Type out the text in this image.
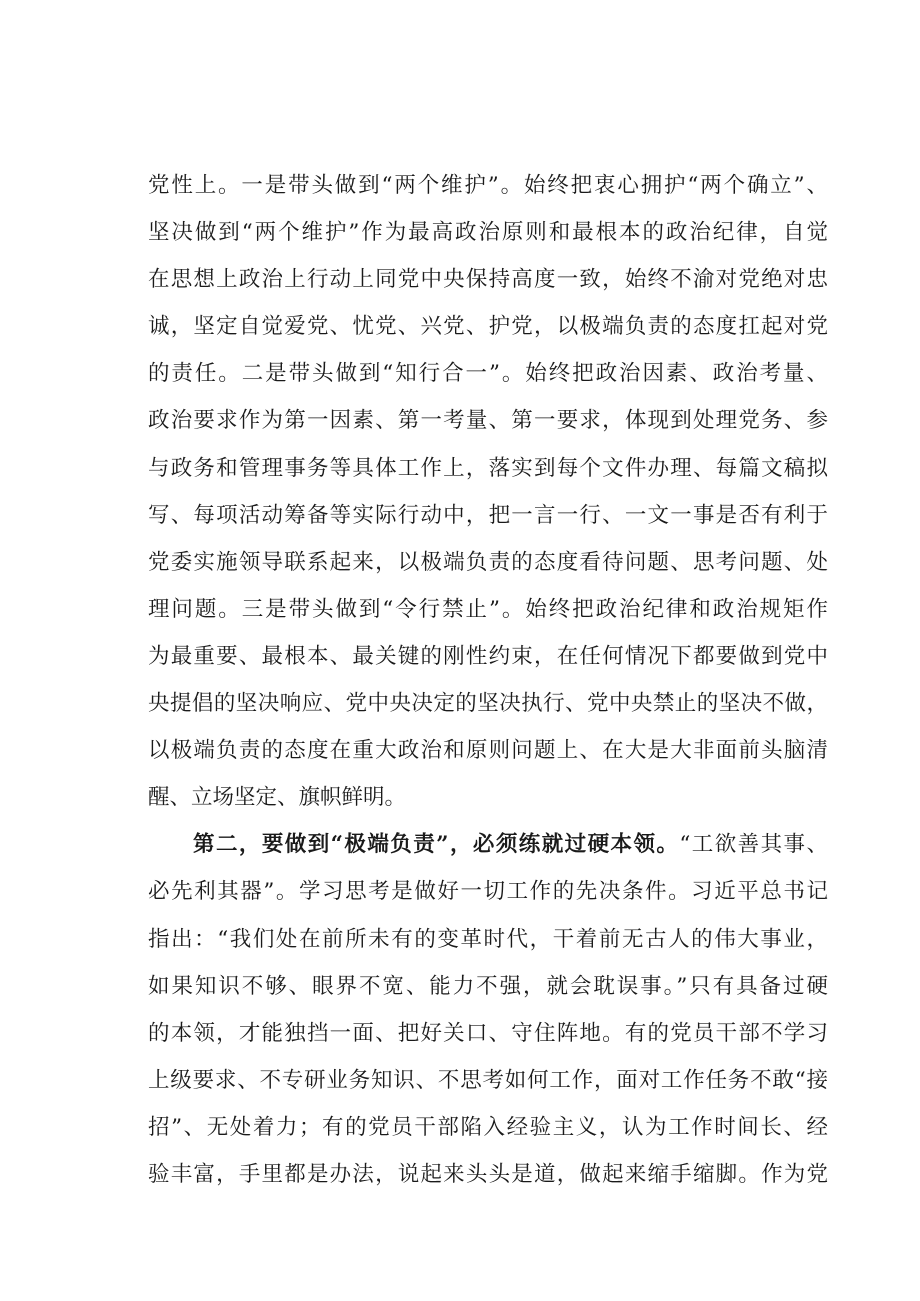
党性上。一是带头做到“两个维护”。始终把衷心拥护“两个确立”、
坚决做到“两个维护”作为最高政治原则和最根本的政治纪律，自觉
在思想上政治上行动上同党中央保持高度一致，始终不渝对党绝对忠
诚，坚定自觉爱党、忧党、兴党、护党，以极端负责的态度扛起对党
的责任。二是带头做到“知行合一”。始终把政治因素、政治考量、
政治要求作为第一因素、第一考量、第一要求，体现到处理党务、参
与政务和管理事务等具体工作上，落实到每个文件办理、每篇文稿拟
写、每项活动筹备等实际行动中，把一言一行、一文一事是否有利于
党委实施领导联系起来，以极端负责的态度看待问题、思考问题、处
理问题。三是带头做到“令行禁止”。始终把政治纪律和政治规矩作
为最重要、最根本、最关键的刚性约束，在任何情况下都要做到党中
央提倡的坚决响应、党中央决定的坚决执行、党中央禁止的坚决不做，
以极端负责的态度在重大政治和原则问题上、在大是大非面前头脑清
醒、立场坚定、旗帜鲜明。
第二，要做到“极端负责”，必须练就过硬本领。“工欲善其事、
必先利其器”。学习思考是做好一切工作的先决条件。习近平总书记
指出：“我们处在前所未有的变革时代，干着前无古人的伟大事业，
如果知识不够、眼界不宽、能力不强，就会耽误事。”只有具备过硬
的本领，才能独挡一面、把好关口、守住阵地。有的党员干部不学习
上级要求、不专研业务知识、不思考如何工作，面对工作任务不敢“接
招”、无处着力；有的党员干部陷入经验主义，认为工作时间长、经
验丰富，手里都是办法，说起来头头是道，做起来缩手缩脚。作为党
